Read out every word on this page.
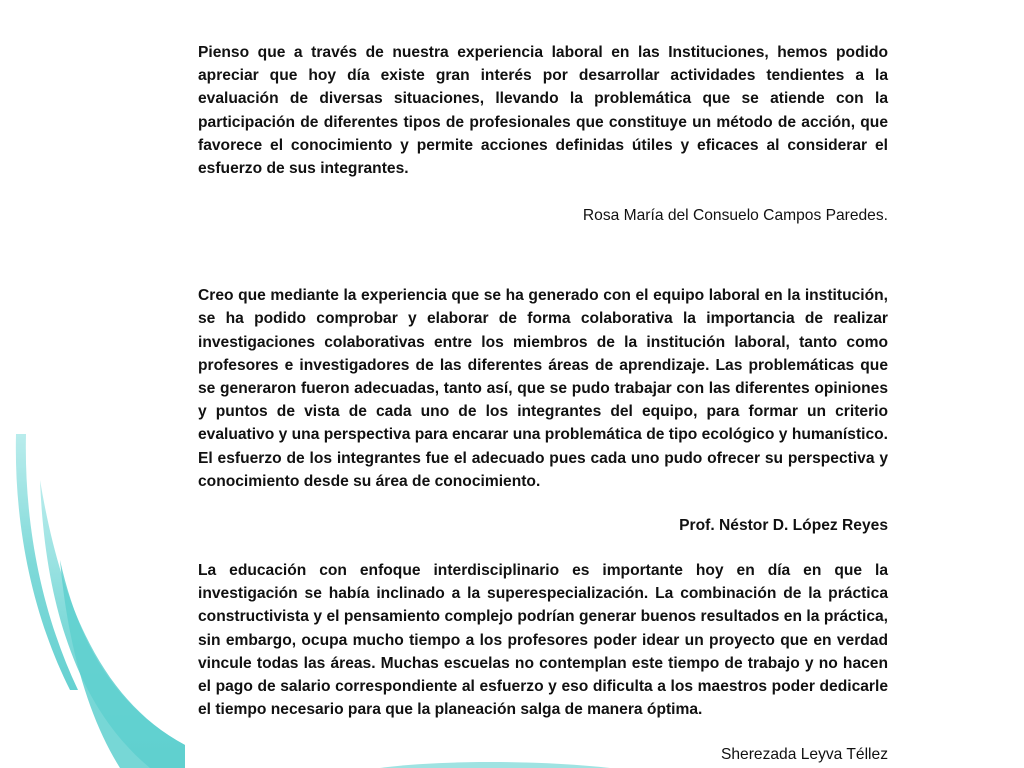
Pienso que a través de nuestra experiencia laboral en las Instituciones, hemos podido apreciar que hoy día existe gran interés por desarrollar actividades tendientes a la evaluación de diversas situaciones, llevando la problemática que se atiende con la participación de diferentes tipos de profesionales que constituye un método de acción, que favorece el conocimiento y permite acciones definidas útiles y eficaces al considerar el esfuerzo de sus integrantes.

Rosa María del Consuelo Campos Paredes.

Creo que mediante la experiencia que se ha generado con el equipo laboral en la institución, se ha podido comprobar y elaborar de forma colaborativa la importancia de realizar investigaciones colaborativas entre los miembros de la institución laboral, tanto como profesores e investigadores de las diferentes áreas de aprendizaje. Las problemáticas que se generaron fueron adecuadas, tanto así, que se pudo trabajar con las diferentes opiniones y puntos de vista de cada uno de los integrantes del equipo, para formar un criterio evaluativo y una perspectiva para encarar una problemática de tipo ecológico y humanístico. El esfuerzo de los integrantes fue el adecuado pues cada uno pudo ofrecer su perspectiva y conocimiento desde su área de conocimiento.

Prof. Néstor D. López Reyes

La educación con enfoque interdisciplinario es importante hoy en día en que la investigación se había inclinado a la superespecialización. La combinación de la práctica constructivista y el pensamiento complejo podrían generar buenos resultados en la práctica, sin embargo, ocupa mucho tiempo a los profesores poder idear un proyecto que en verdad vincule todas las áreas. Muchas escuelas no contemplan este tiempo de trabajo y no hacen el pago de salario correspondiente al esfuerzo y eso dificulta a los maestros poder dedicarle el tiempo necesario para que la planeación salga de manera óptima.

Sherezada Leyva Téllez
